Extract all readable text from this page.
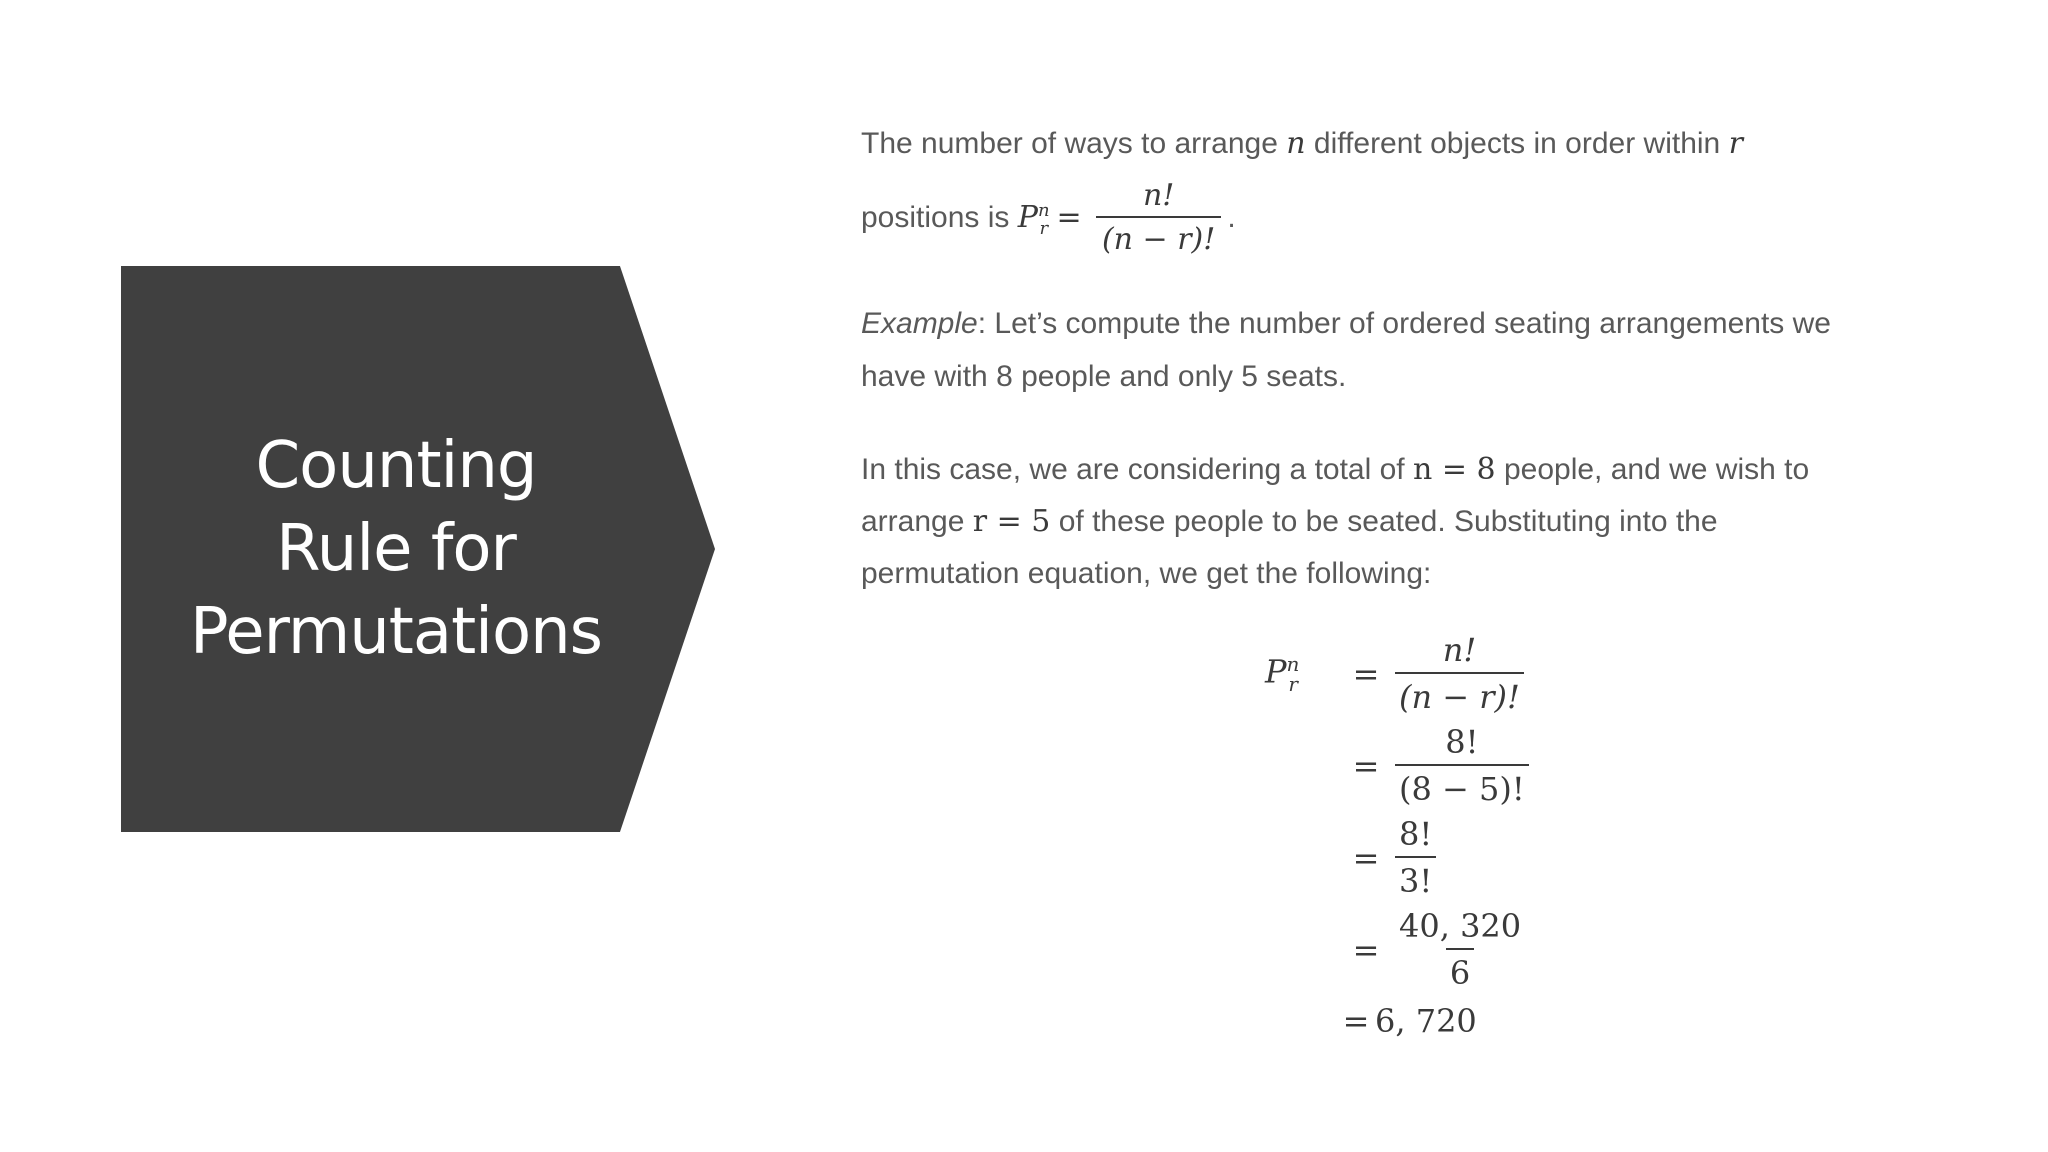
Counting
Rule for
Permutations
The number of ways to arrange n different objects in order within r
positions is $P^n_r = \frac{n!}{(n - r)!}$ .
Example: Let’s compute the number of ordered seating arrangements we
have with 8 people and only 5 seats.
In this case, we are considering a total of n = 8 people, and we wish to
arrange r = 5 of these people to be seated. Substituting into the
permutation equation, we get the following:
$P^n_r$	= $\frac{n!}{(n - r)!}$
= $\frac{8!}{(8 - 5)!}$
= $\frac{8!}{3!}$
= $\frac{40, 320}{6}$
= 6, 720
